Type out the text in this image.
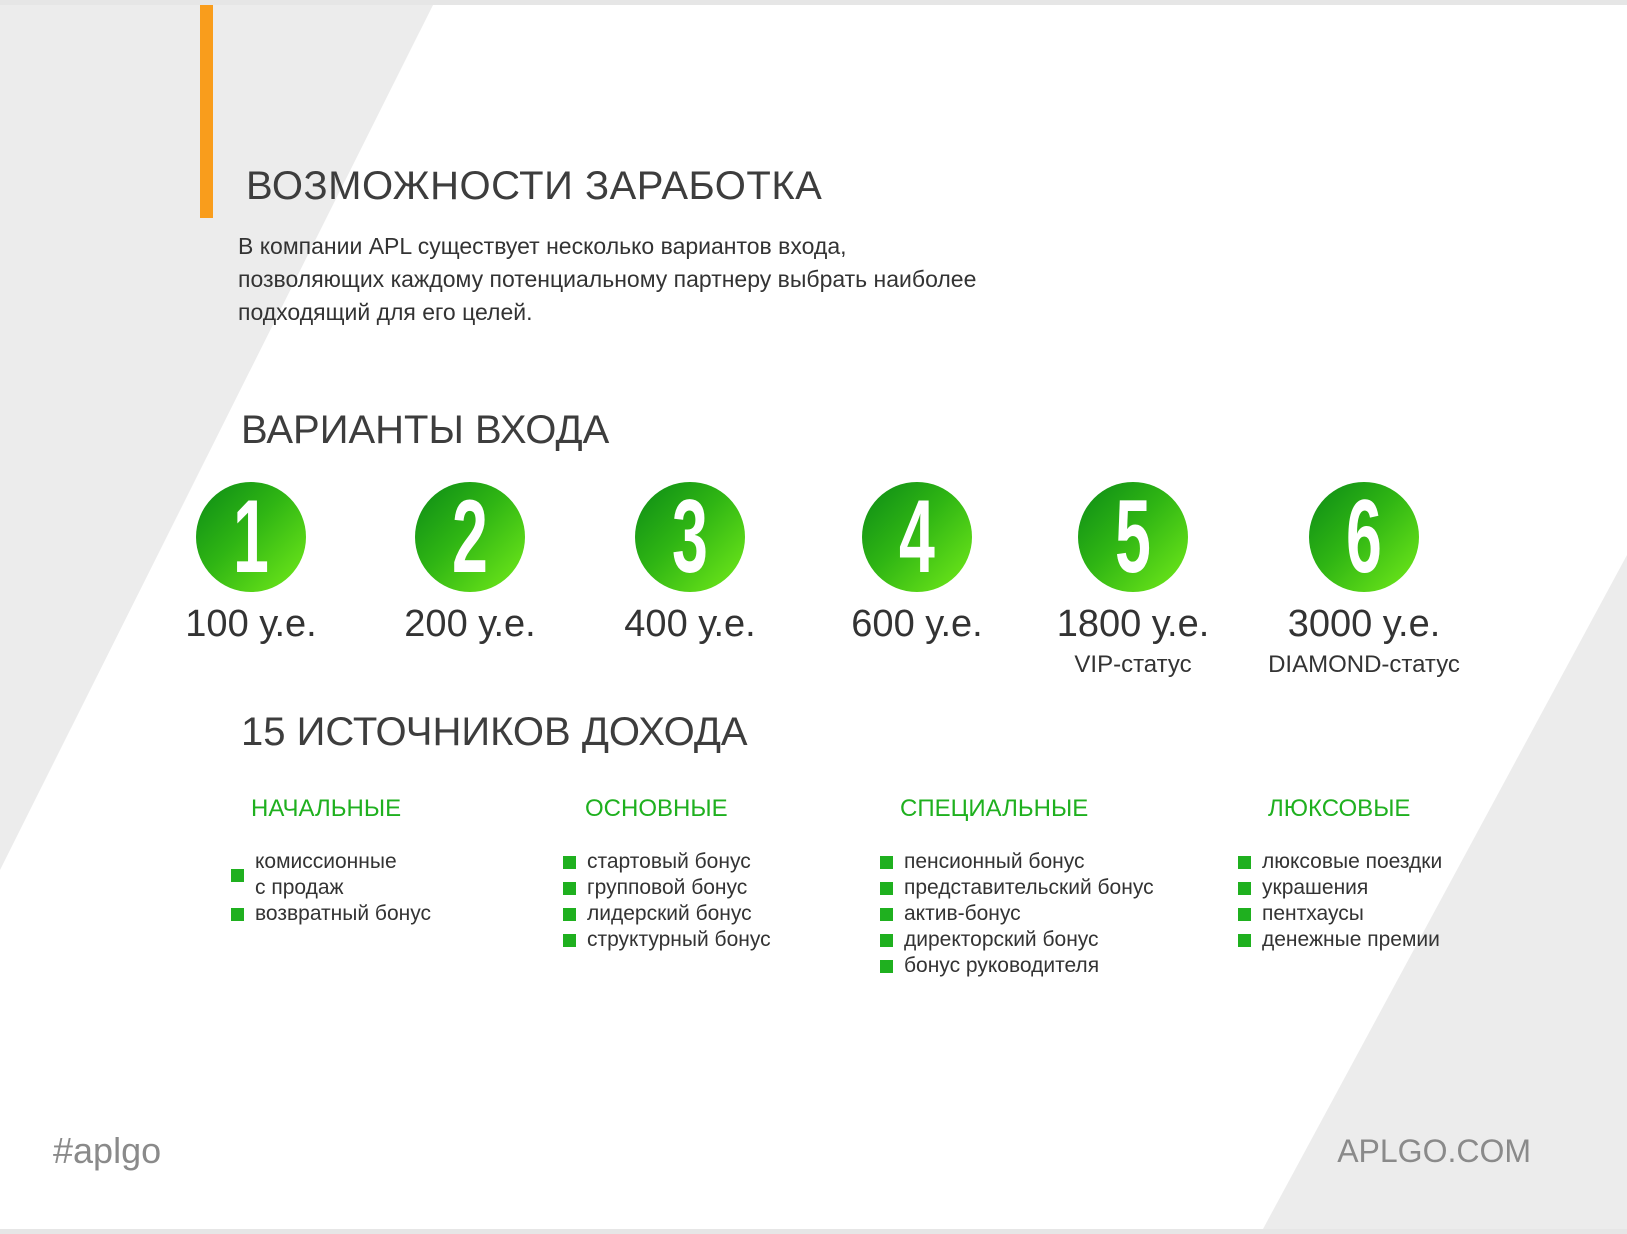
ВОЗМОЖНОСТИ ЗАРАБОТКА

В компании APL существует несколько вариантов входа, позволяющих каждому потенциальному партнеру выбрать наиболее подходящий для его целей.

ВАРИАНТЫ ВХОДА
1
100 у.е.
2
200 у.е.
3
400 у.е.
4
600 у.е.
5
1800 у.е.
VIP-статус
6
3000 у.е.
DIAMOND-статус
15 ИСТОЧНИКОВ ДОХОДА
НАЧАЛЬНЫЕ
комиссионные
с продаж
возвратный бонус
ОСНОВНЫЕ
стартовый бонус
групповой бонус
лидерский бонус
структурный бонус
СПЕЦИАЛЬНЫЕ
пенсионный бонус
представительский бонус
актив-бонус
директорский бонус
бонус руководителя
ЛЮКСОВЫЕ
люксовые поездки
украшения
пентхаусы
денежные премии
#aplgo	APLGO.COM
